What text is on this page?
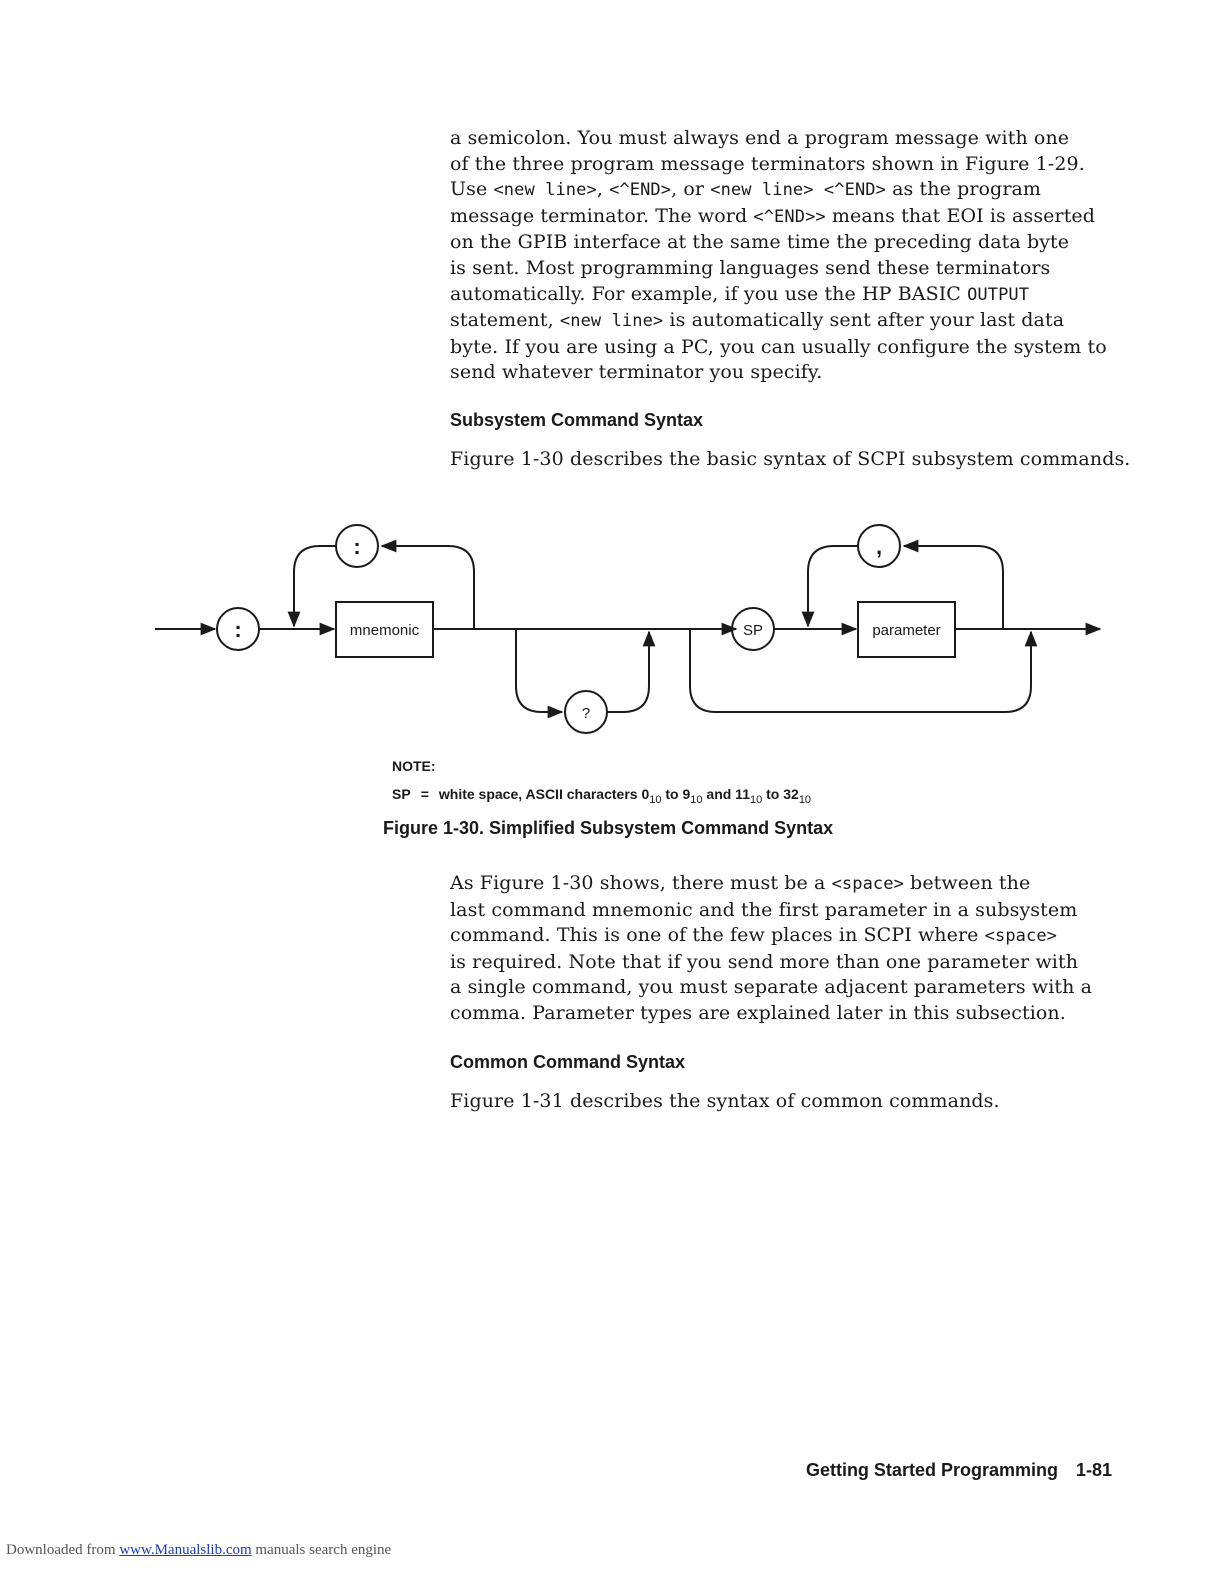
a semicolon. You must always end a program message with one
of the three program message terminators shown in Figure 1-29.
Use <new line>, <^END>, or <new line> <^END> as the program
message terminator. The word <^END>> means that EOI is asserted
on the GPIB interface at the same time the preceding data byte
is sent. Most programming languages send these terminators
automatically. For example, if you use the HP BASIC OUTPUT
statement, <new line> is automatically sent after your last data
byte. If you are using a PC, you can usually configure the system to
send whatever terminator you specify.
Subsystem Command Syntax
Figure 1-30 describes the basic syntax of SCPI subsystem commands.
:
:
mnemonic
?
SP
,
parameter

NOTE:

SP = white space, ASCII characters $0_{10}$ to $9_{10}$ and $11_{10}$ to $32_{10}$

Figure 1-30. Simplified Subsystem Command Syntax

As Figure 1-30 shows, there must be a <space> between the
last command mnemonic and the first parameter in a subsystem
command. This is one of the few places in SCPI where <space>
is required. Note that if you send more than one parameter with
a single command, you must separate adjacent parameters with a
comma. Parameter types are explained later in this subsection.
Common Command Syntax
Figure 1-31 describes the syntax of common commands.
Getting Started Programming 1-81
Downloaded from www.Manualslib.com manuals search engine
